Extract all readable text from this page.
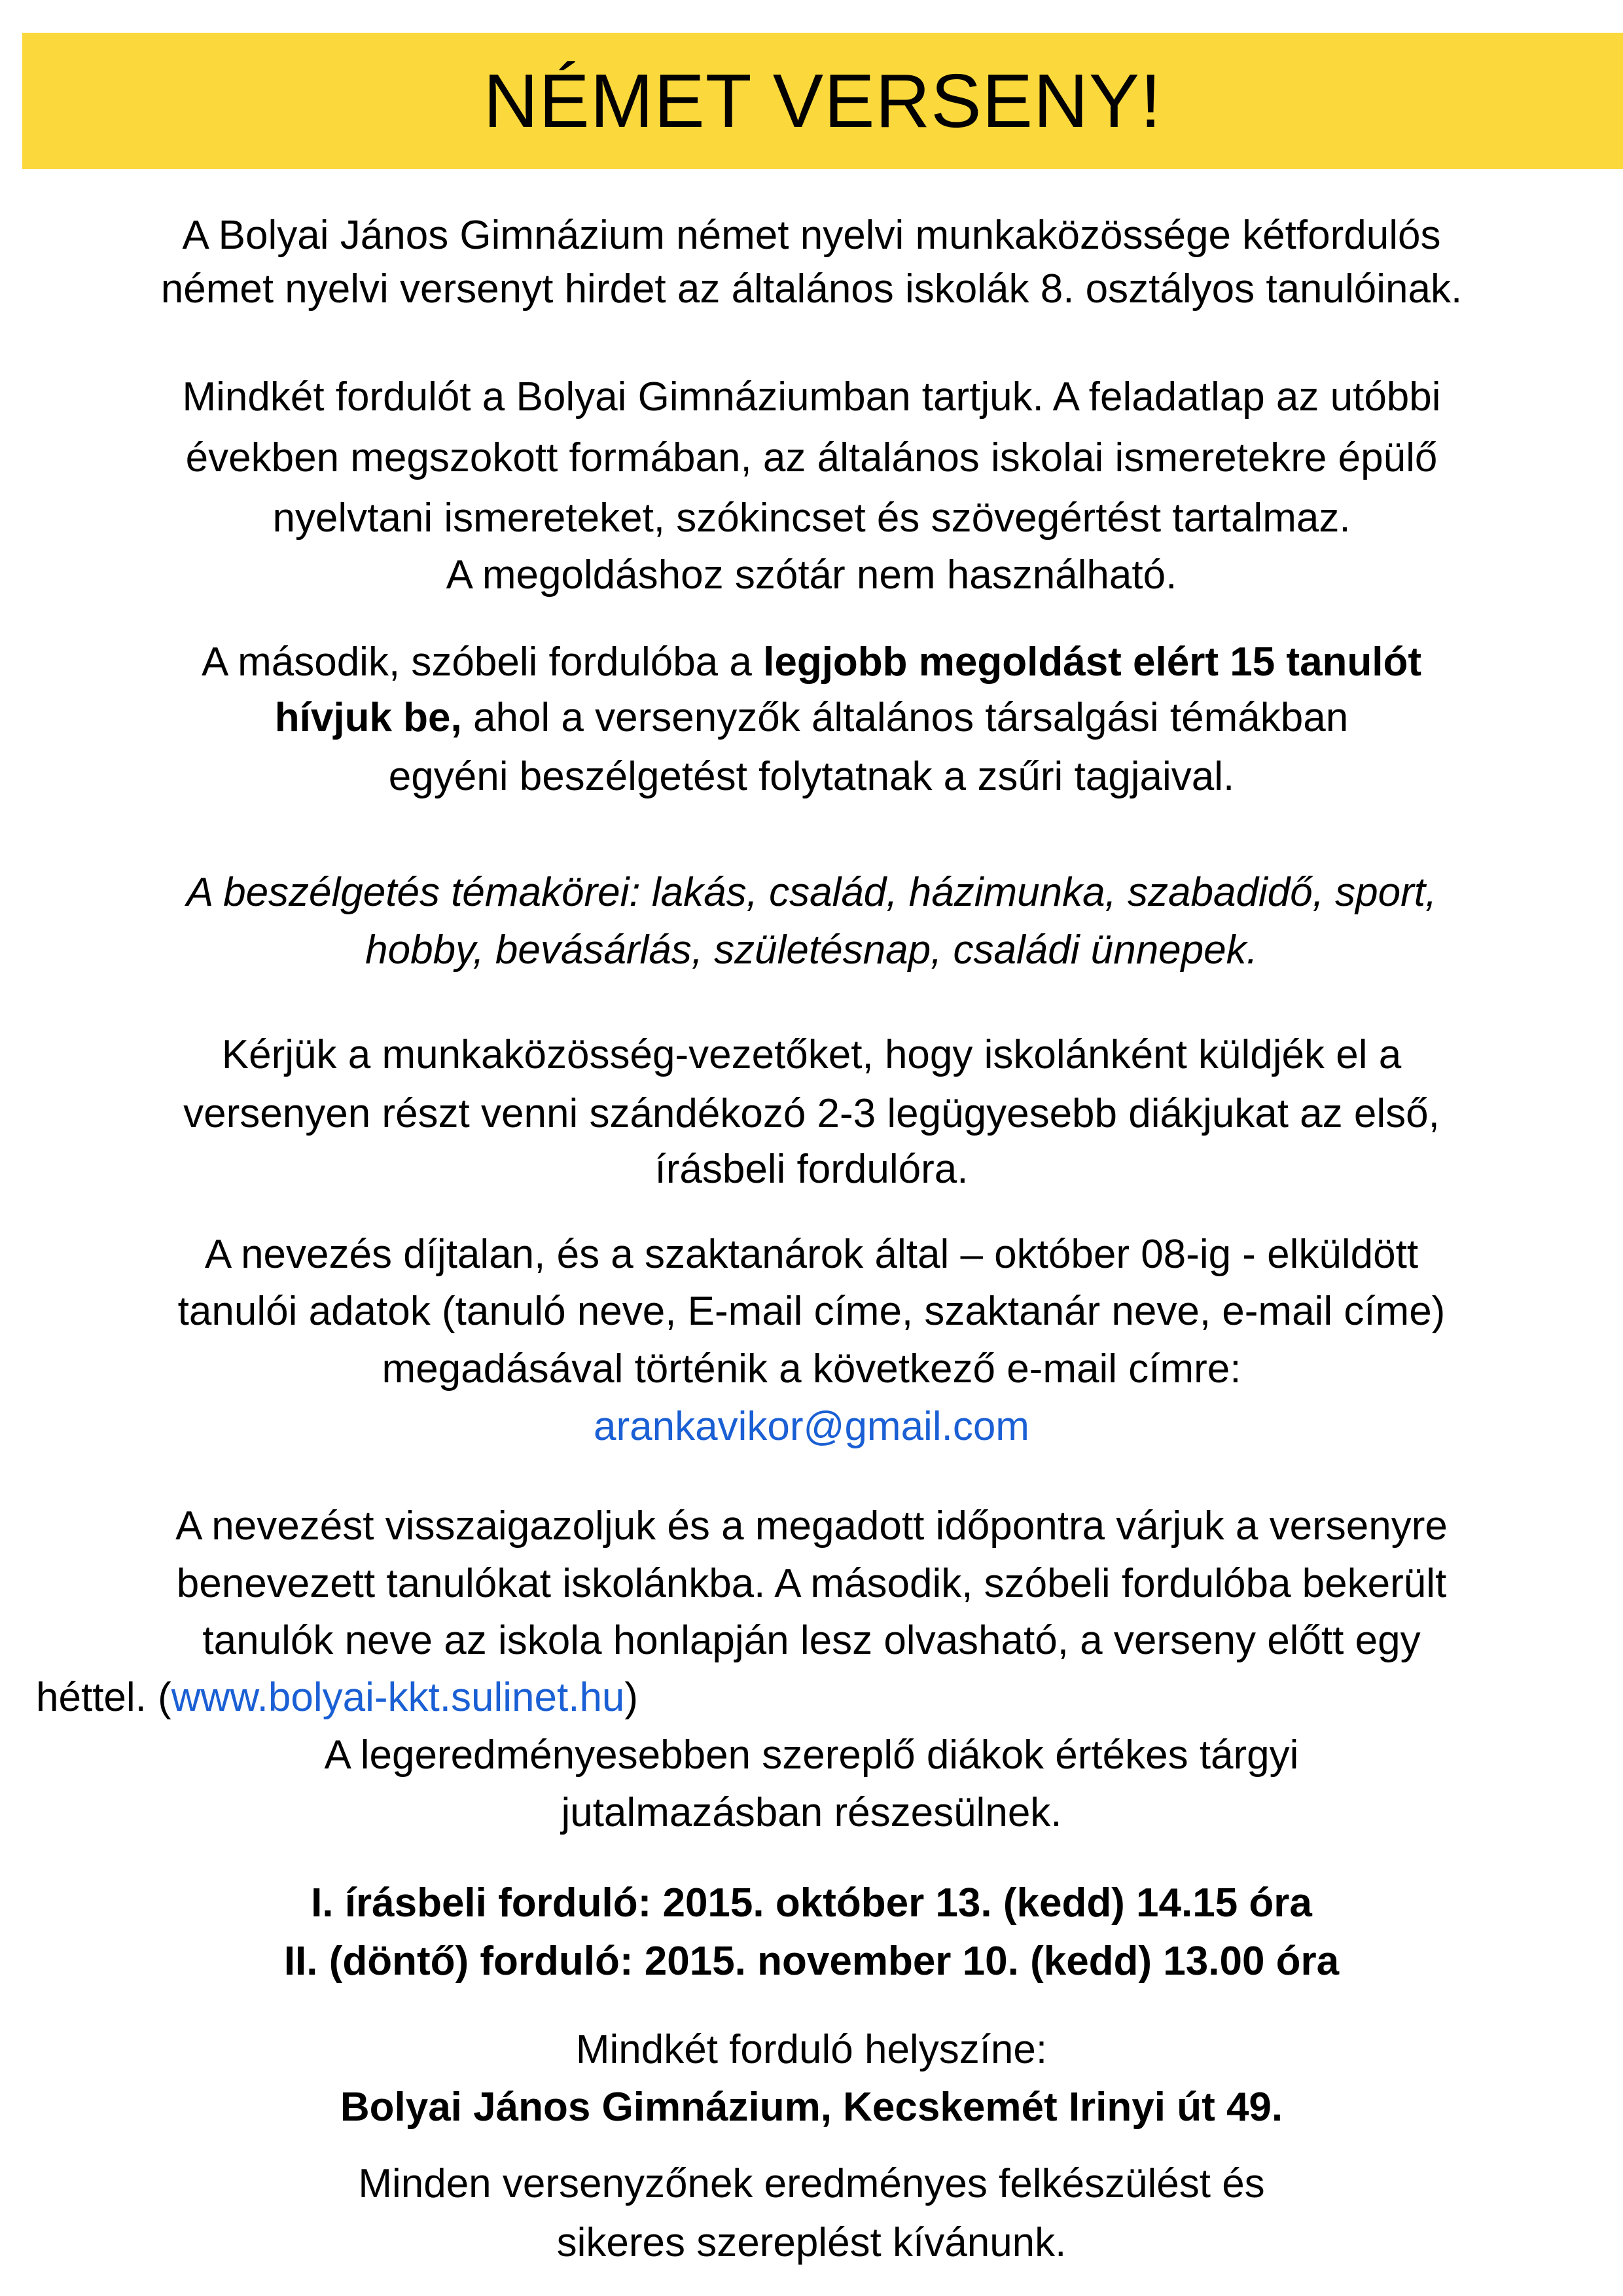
NÉMET VERSENY!
A Bolyai János Gimnázium német nyelvi munkaközössége kétfordulós
német nyelvi versenyt hirdet az általános iskolák 8. osztályos tanulóinak.
Mindkét fordulót a Bolyai Gimnáziumban tartjuk. A feladatlap az utóbbi
években megszokott formában, az általános iskolai ismeretekre épülő
nyelvtani ismereteket, szókincset és szövegértést tartalmaz.
A megoldáshoz szótár nem használható.
A második, szóbeli fordulóba a legjobb megoldást elért 15 tanulót
hívjuk be, ahol a versenyzők általános társalgási témákban
egyéni beszélgetést folytatnak a zsűri tagjaival.
A beszélgetés témakörei: lakás, család, házimunka, szabadidő, sport,
hobby, bevásárlás, születésnap, családi ünnepek.
Kérjük a munkaközösség-vezetőket, hogy iskolánként küldjék el a
versenyen részt venni szándékozó 2-3 legügyesebb diákjukat az első,
írásbeli fordulóra.
A nevezés díjtalan, és a szaktanárok által – október 08-ig - elküldött
tanulói adatok (tanuló neve, E-mail címe, szaktanár neve, e-mail címe)
megadásával történik a következő e-mail címre:
arankavikor@gmail.com
A nevezést visszaigazoljuk és a megadott időpontra várjuk a versenyre
benevezett tanulókat iskolánkba. A második, szóbeli fordulóba bekerült
tanulók neve az iskola honlapján lesz olvasható, a verseny előtt egy
héttel. (www.bolyai-kkt.sulinet.hu)
A legeredményesebben szereplő diákok értékes tárgyi
jutalmazásban részesülnek.
I. írásbeli forduló: 2015. október 13. (kedd) 14.15 óra
II. (döntő) forduló: 2015. november 10. (kedd) 13.00 óra
Mindkét forduló helyszíne:
Bolyai János Gimnázium, Kecskemét Irinyi út 49.
Minden versenyzőnek eredményes felkészülést és
sikeres szereplést kívánunk.
